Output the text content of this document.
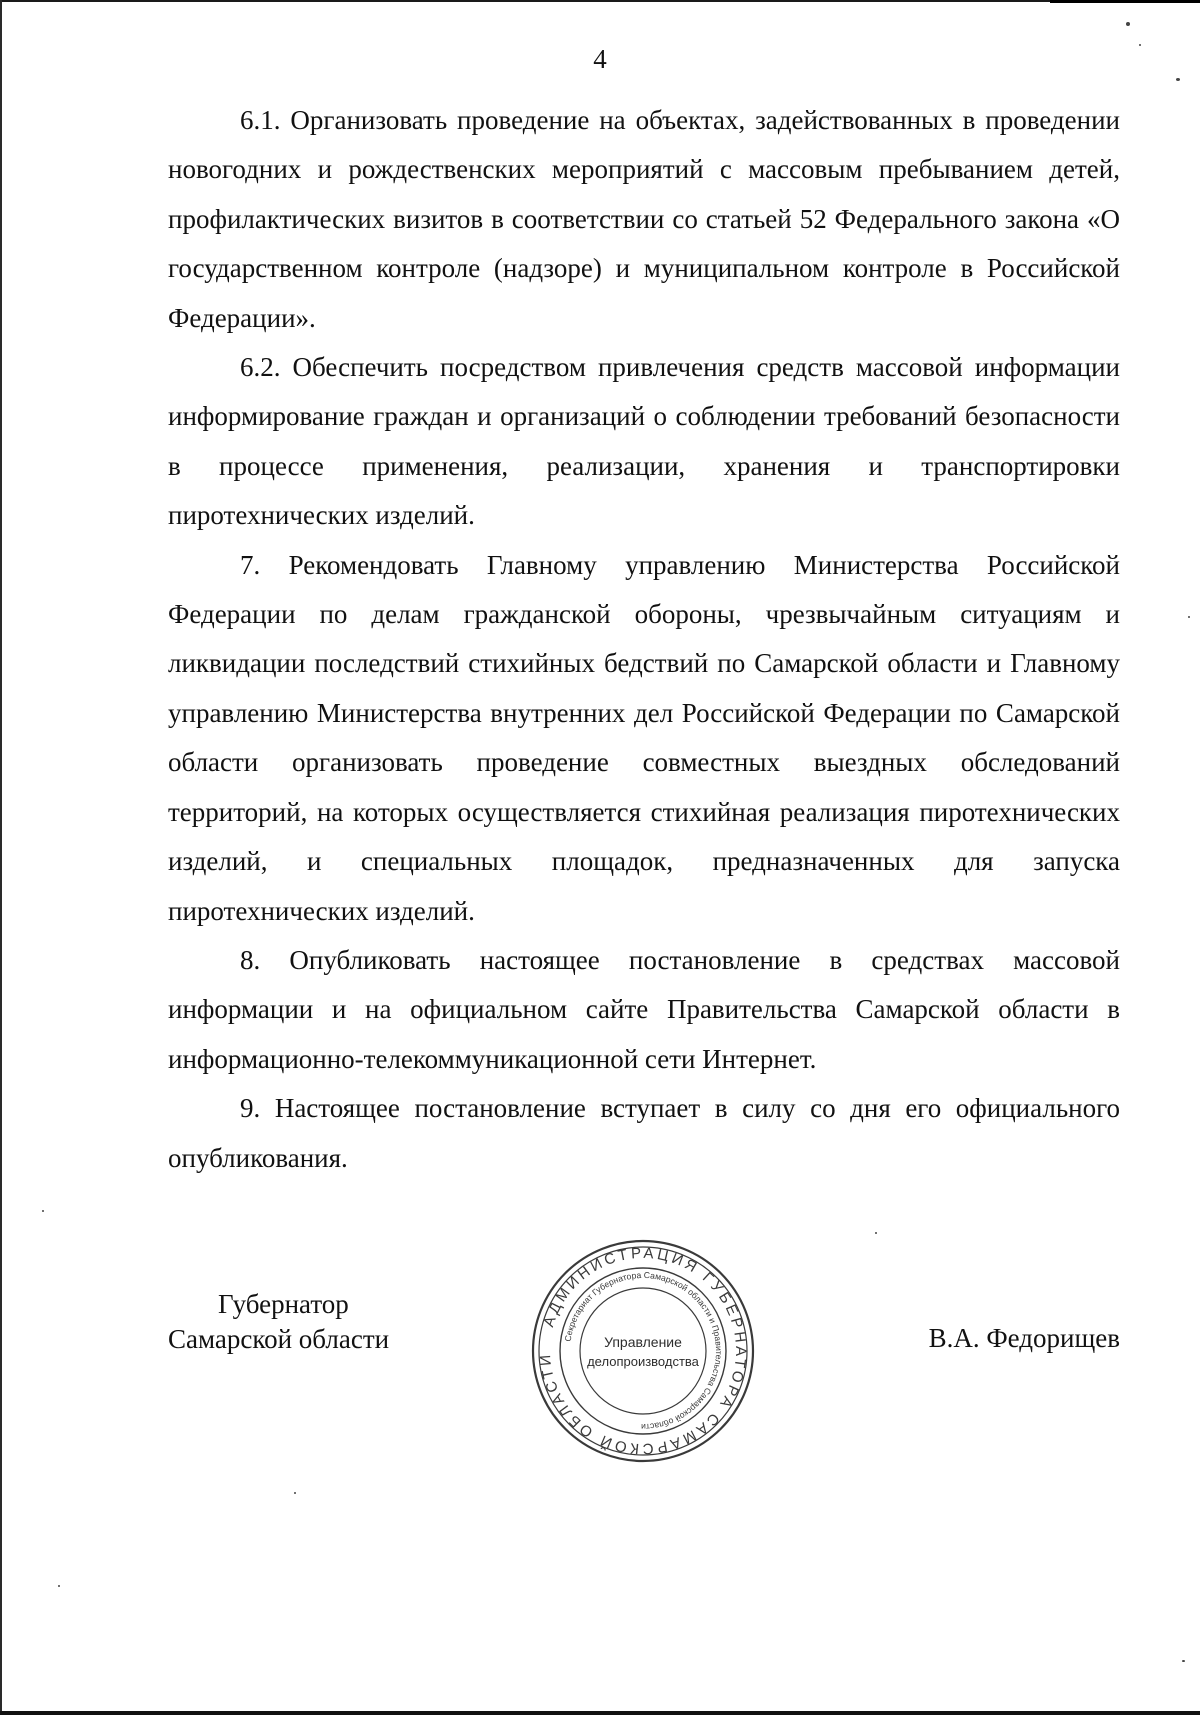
4

6.1. Организовать проведение на объектах, задействованных в проведении новогодних и рождественских мероприятий с массовым пребыванием детей, профилактических визитов в соответствии со статьей 52 Федерального закона «О государственном контроле (надзоре) и муниципальном контроле в Российской Федерации».

6.2. Обеспечить посредством привлечения средств массовой информации информирование граждан и организаций о соблюдении требований безопасности в процессе применения, реализации, хранения и транспортировки пиротехнических изделий.

7. Рекомендовать Главному управлению Министерства Российской Федерации по делам гражданской обороны, чрезвычайным ситуациям и ликвидации последствий стихийных бедствий по Самарской области и Главному управлению Министерства внутренних дел Российской Федерации по Самарской области организовать проведение совместных выездных обследований территорий, на которых осуществляется стихийная реализация пиротехнических изделий, и специальных площадок, предназначенных для запуска пиротехнических изделий.

8. Опубликовать настоящее постановление в средствах массовой информации и на официальном сайте Правительства Самарской области в информационно-телекоммуникационной сети Интернет.

9. Настоящее постановление вступает в силу со дня его официального опубликования.

Губернатор
Самарской области
АДМИНИСТРАЦИЯ ГУБЕРНАТОРА САМАРСКОЙ ОБЛАСТИ
Секретариат Губернатора Самарской области и Правительства Самарской области
Управление
делопроизводства
В.А. Федорищев
